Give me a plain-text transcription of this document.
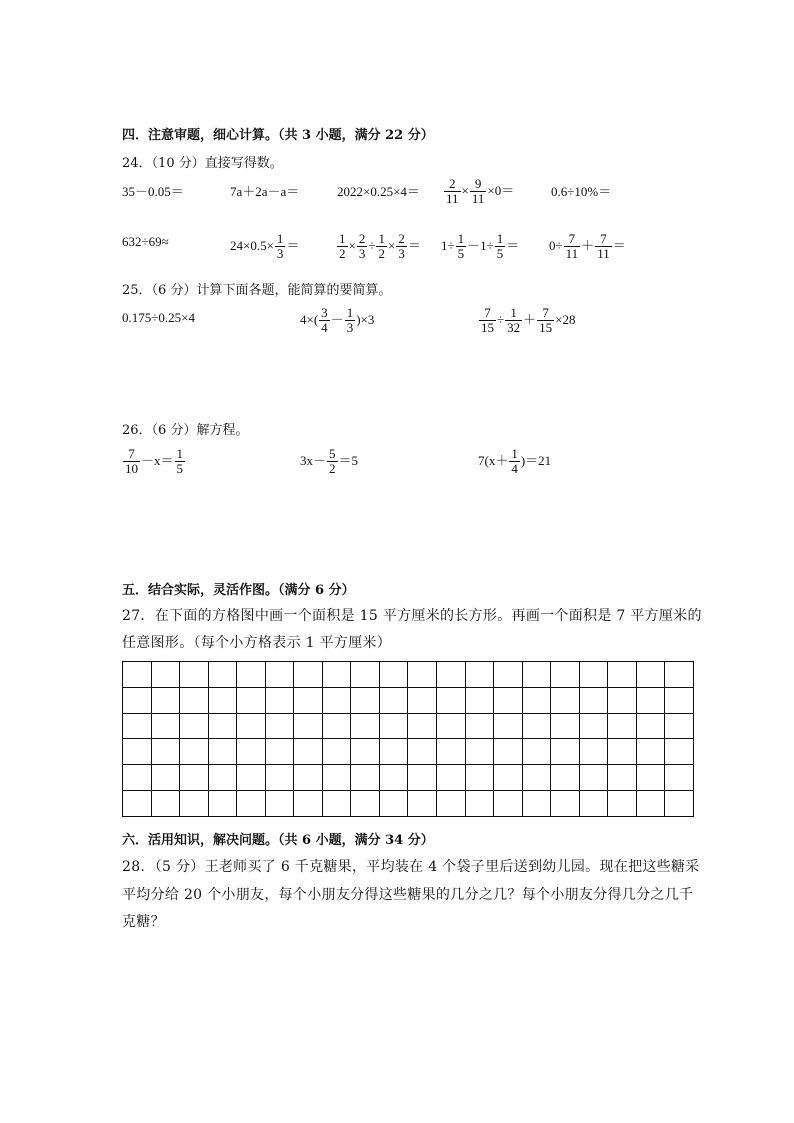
四．注意审题，细心计算。（共 3 小题，满分 22 分）
24．（10 分）直接写得数。
35－0.05＝	7a＋2a－a＝	$2022\times 0.25\times 4= \frac{2}{11} \times \frac{9}{11} \times 0=$	0.6÷10%＝
632÷69≈	$24\times 0.5\times \frac{1}{3}$ ＝	$\frac{1}{2} \times \frac{2}{3} \div \frac{1}{2} \times \frac{2}{3} = 1\div \frac{1}{5} -1\div \frac{1}{5} = 0\div \frac{7}{11} + \frac{7}{11}$ ＝
25．（6 分）计算下面各题，能简算的要简算。
0.175÷0.25×4	$4\times( \frac{3}{4} - \frac{1}{3} )\times 3$	$\frac{7}{15} \div \frac{1}{32} + \frac{7}{15} \times 28$
26．（6 分）解方程。
$\frac{7}{10} -x= \frac{1}{5}$	$3x- \frac{5}{2} =5$	$7(x+ \frac{1}{4} )=21$
五．结合实际，灵活作图。（满分 6 分）
27．在下面的方格图中画一个面积是 15 平方厘米的长方形。再画一个面积是 7 平方厘米的
任意图形。（每个小方格表示 1 平方厘米）

六．活用知识，解决问题。（共 6 小题，满分 34 分）
28．（5 分）王老师买了 6 千克糖果，平均装在 4 个袋子里后送到幼儿园。现在把这些糖采
平均分给 20 个小朋友，每个小朋友分得这些糖果的几分之几？每个小朋友分得几分之几千
克糖？
